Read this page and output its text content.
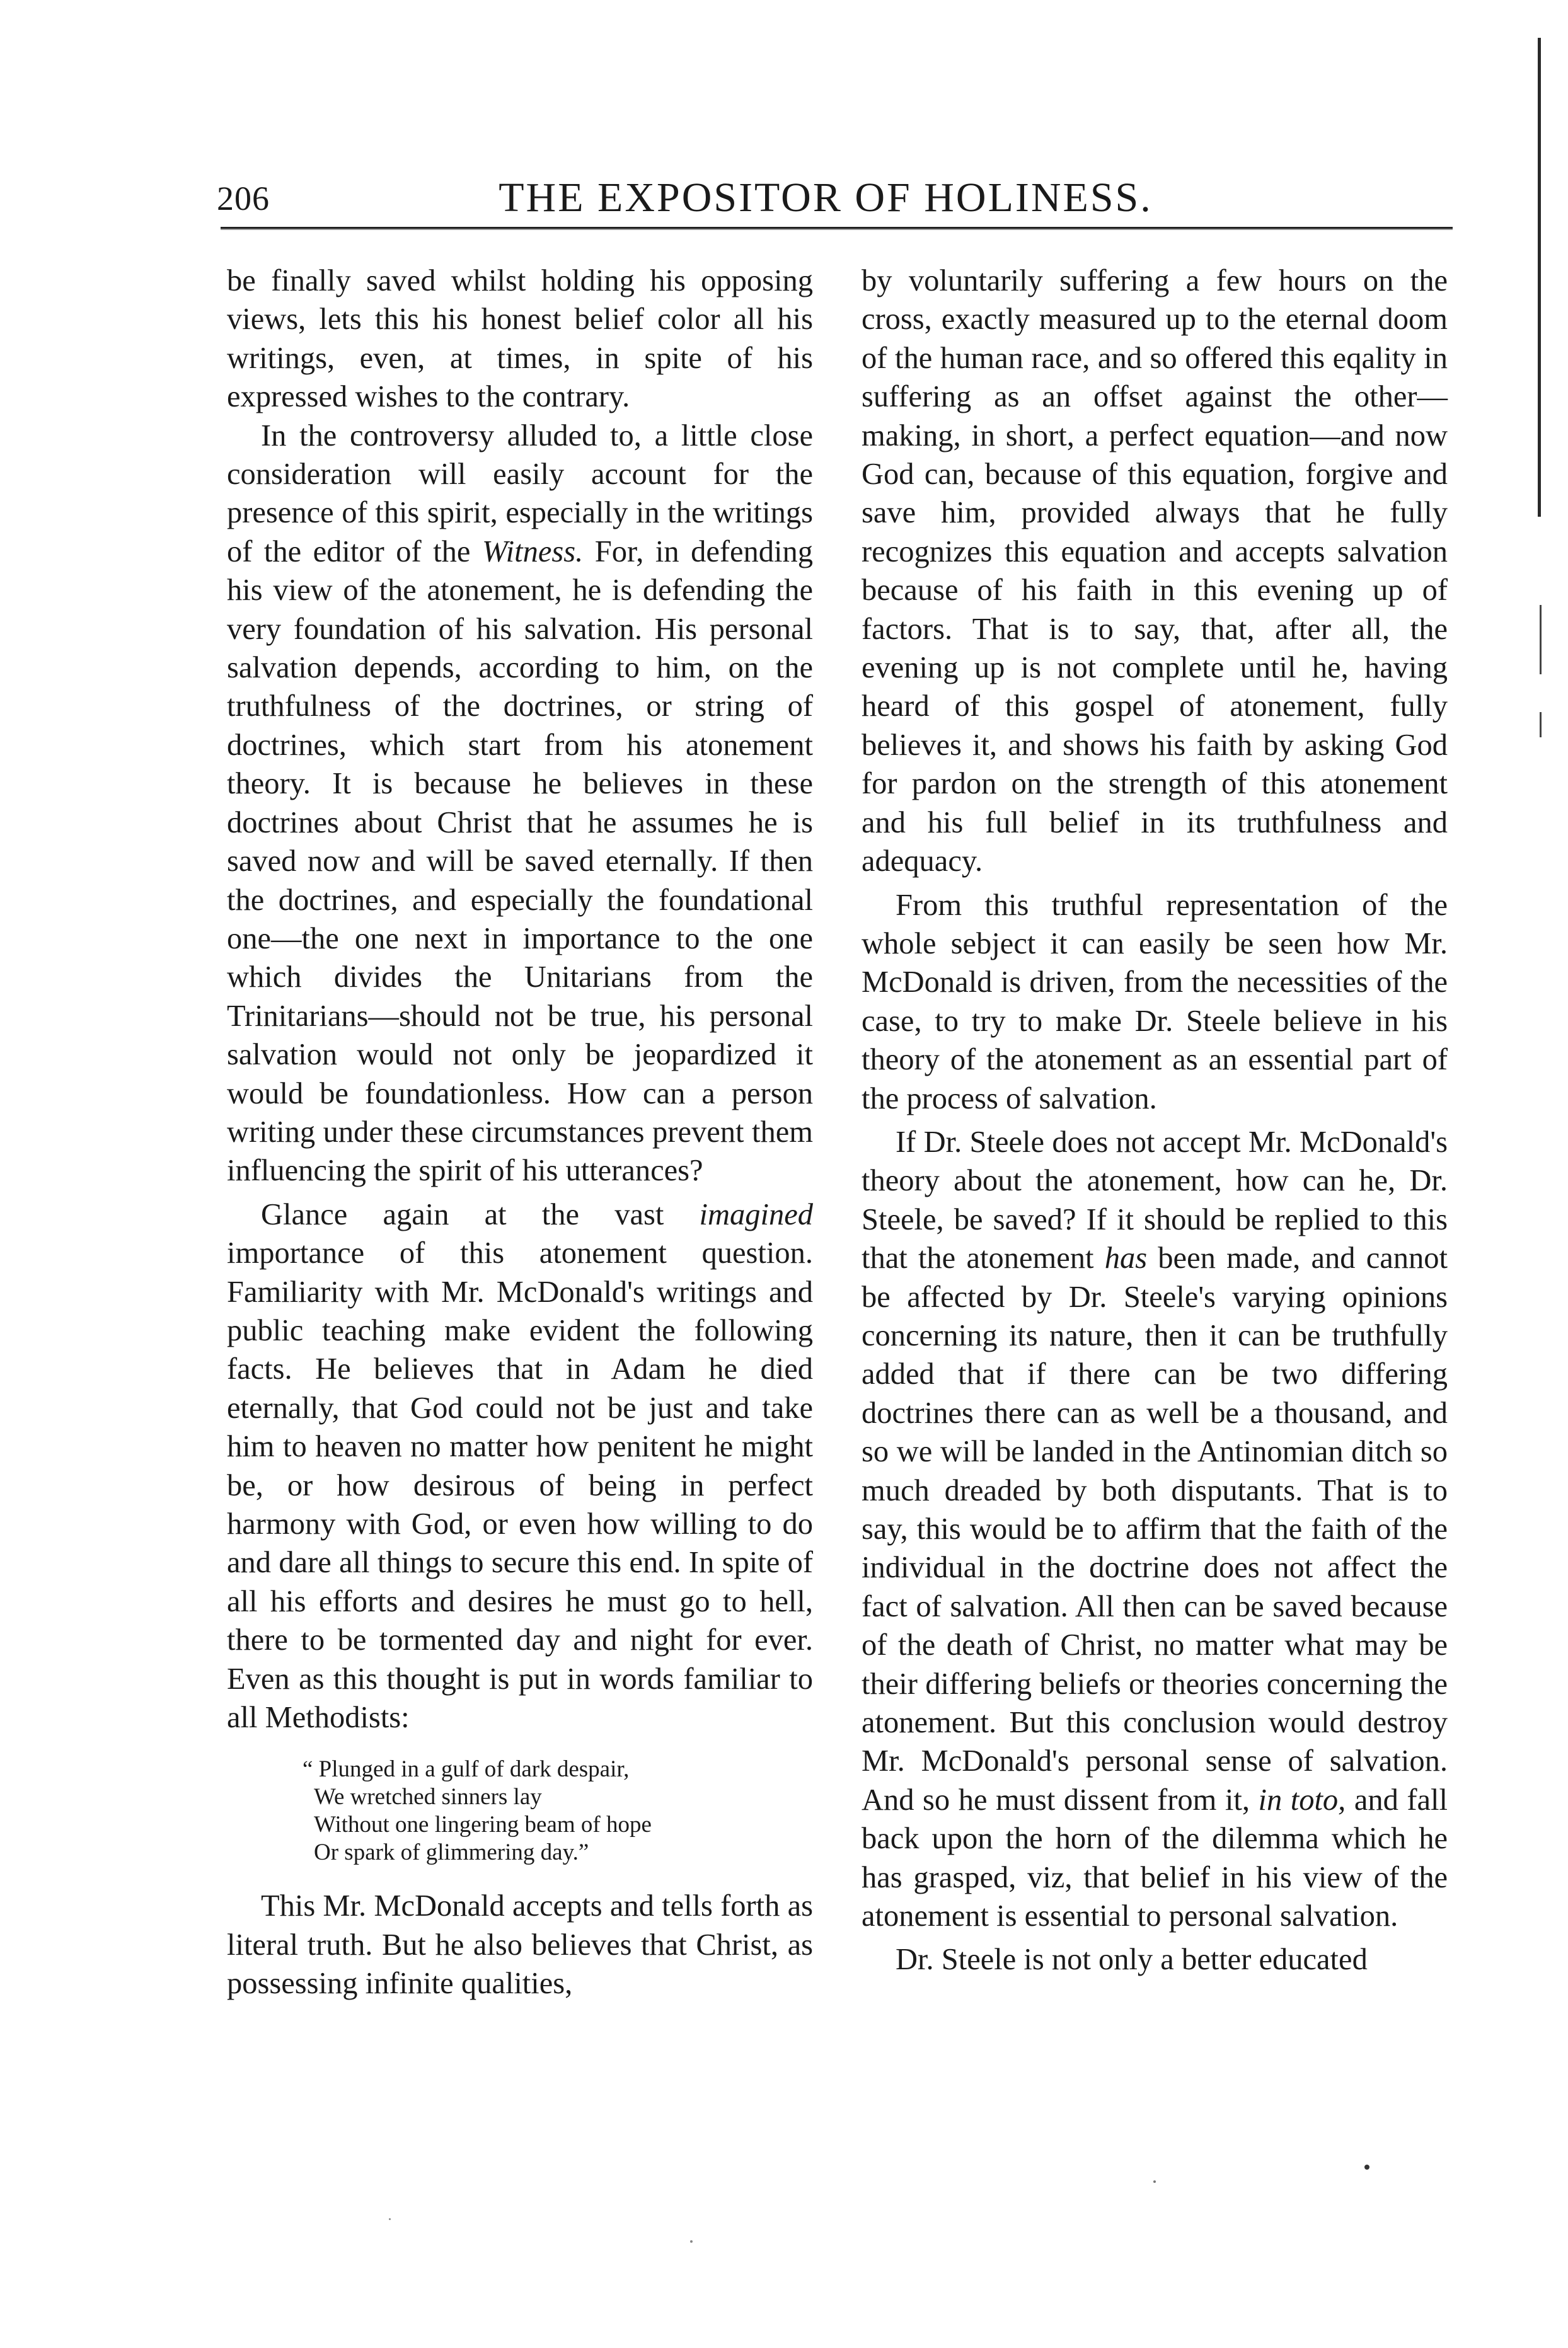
206	THE EXPOSITOR OF HOLINESS.

be finally saved whilst holding his opposing views, lets this his honest belief color all his writings, even, at times, in spite of his expressed wishes to the contrary.

In the controversy alluded to, a little close consideration will easily account for the presence of this spirit, especially in the writings of the editor of the Witness. For, in defending his view of the atonement, he is defending the very foundation of his salvation. His personal salvation depends, according to him, on the truthfulness of the doctrines, or string of doctrines, which start from his atonement theory. It is because he believes in these doctrines about Christ that he assumes he is saved now and will be saved eternally. If then the doctrines, and especially the foundational one—the one next in importance to the one which divides the Unitarians from the Trinitarians—should not be true, his personal salvation would not only be jeopardized it would be foundationless. How can a person writing under these circumstances prevent them influencing the spirit of his utterances?

Glance again at the vast imagined importance of this atonement question. Familiarity with Mr. McDonald's writings and public teaching make evident the following facts. He believes that in Adam he died eternally, that God could not be just and take him to heaven no matter how penitent he might be, or how desirous of being in perfect harmony with God, or even how willing to do and dare all things to secure this end. In spite of all his efforts and desires he must go to hell, there to be tormented day and night for ever. Even as this thought is put in words familiar to all Methodists:

“ Plunged in a gulf of dark despair,
We wretched sinners lay
Without one lingering beam of hope
Or spark of glimmering day.”

This Mr. McDonald accepts and tells forth as literal truth. But he also believes that Christ, as possessing infinite qualities,

by voluntarily suffering a few hours on the cross, exactly measured up to the eternal doom of the human race, and so offered this eqality in suffering as an offset against the other—making, in short, a perfect equation—and now God can, because of this equation, forgive and save him, provided always that he fully recognizes this equation and accepts salvation because of his faith in this evening up of factors. That is to say, that, after all, the evening up is not complete until he, having heard of this gospel of atonement, fully believes it, and shows his faith by asking God for pardon on the strength of this atonement and his full belief in its truthfulness and adequacy.

From this truthful representation of the whole sebject it can easily be seen how Mr. McDonald is driven, from the necessities of the case, to try to make Dr. Steele believe in his theory of the atonement as an essential part of the process of salvation.

If Dr. Steele does not accept Mr. McDonald's theory about the atonement, how can he, Dr. Steele, be saved? If it should be replied to this that the atonement has been made, and cannot be affected by Dr. Steele's varying opinions concerning its nature, then it can be truthfully added that if there can be two differing doctrines there can as well be a thousand, and so we will be landed in the Antinomian ditch so much dreaded by both disputants. That is to say, this would be to affirm that the faith of the individual in the doctrine does not affect the fact of salvation. All then can be saved because of the death of Christ, no matter what may be their differing beliefs or theories concerning the atonement. But this conclusion would destroy Mr. McDonald's personal sense of salvation. And so he must dissent from it, in toto, and fall back upon the horn of the dilemma which he has grasped, viz, that belief in his view of the atonement is essential to personal salvation.

Dr. Steele is not only a better educated
